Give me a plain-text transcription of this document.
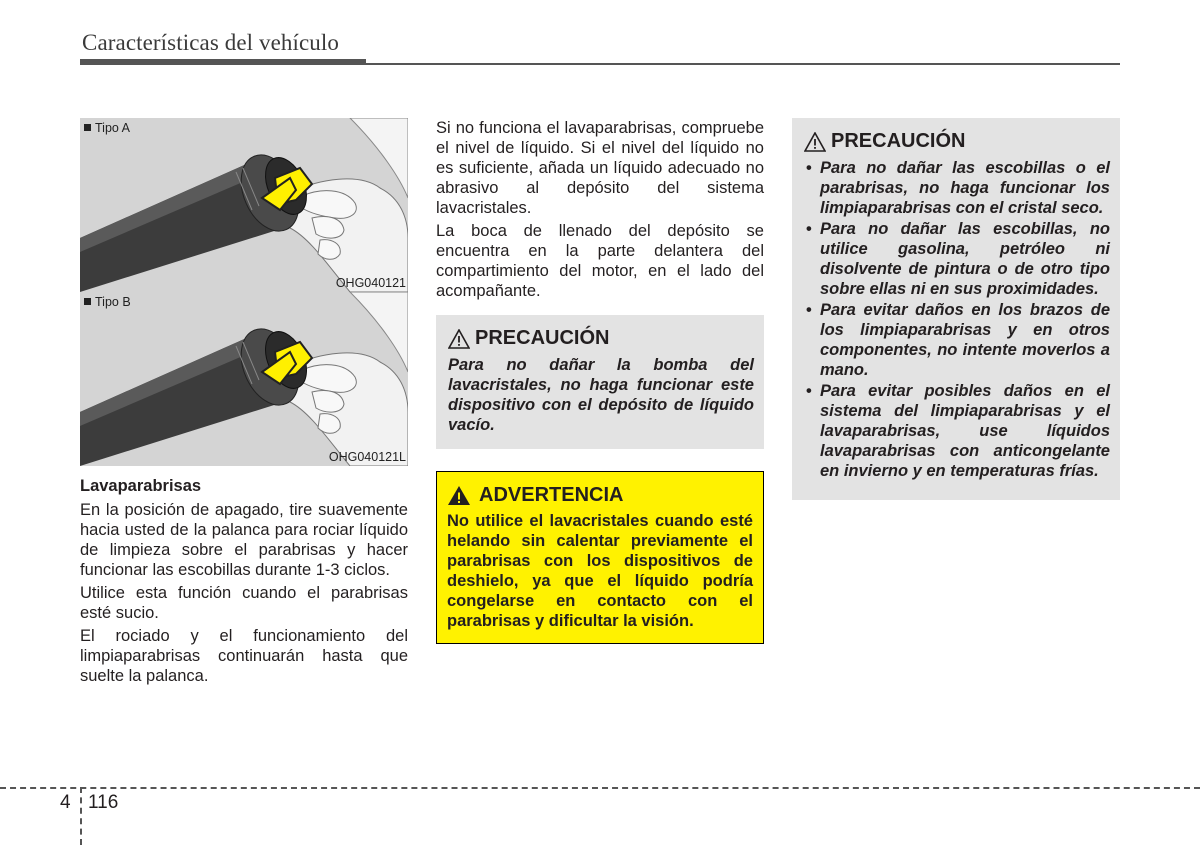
Características del vehículo
Tipo A
OHG040121
Tipo B
OHG040121L
Lavaparabrisas

En la posición de apagado, tire suavemente hacia usted de la palanca para rociar líquido de limpieza sobre el parabrisas y hacer funcionar las escobillas durante 1-3 ciclos.

Utilice esta función cuando el parabrisas esté sucio.

El rociado y el funcionamiento del limpiaparabrisas continuarán hasta que suelte la palanca.

Si no funciona el lavaparabrisas, compruebe el nivel de líquido. Si el nivel del líquido no es suficiente, añada un líquido adecuado no abrasivo al depósito del sistema lavacristales.

La boca de llenado del depósito se encuentra en la parte delantera del compartimiento del motor, en el lado del acompañante.

PRECAUCIÓN

Para no dañar la bomba del lavacristales, no haga funcionar este dispositivo con el depósito de líquido vacío.

ADVERTENCIA

No utilice el lavacristales cuando esté helando sin calentar previamente el parabrisas con los dispositivos de deshielo, ya que el líquido podría congelarse en contacto con el parabrisas y dificultar la visión.

PRECAUCIÓN
• Para no dañar las escobillas o el parabrisas, no haga funcionar los limpiaparabrisas con el cristal seco.
• Para no dañar las escobillas, no utilice gasolina, petróleo ni disolvente de pintura o de otro tipo sobre ellas ni en sus proximidades.
• Para evitar daños en los brazos de los limpiaparabrisas y en otros componentes, no intente moverlos a mano.
• Para evitar posibles daños en el sistema del limpiaparabrisas y el lavaparabrisas, use líquidos lavaparabrisas con anticongelante en invierno y en temperaturas frías.
4 116
